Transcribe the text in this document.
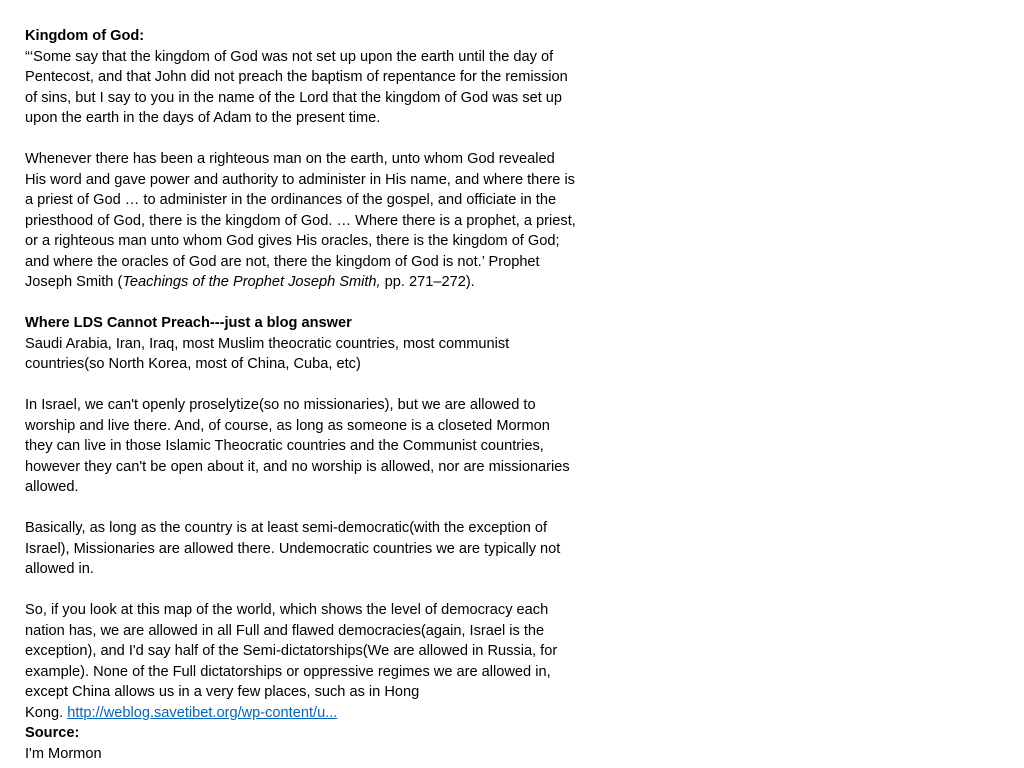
Kingdom of God:
“‘Some say that the kingdom of God was not set up upon the earth until the day of
Pentecost, and that John did not preach the baptism of repentance for the remission
of sins, but I say to you in the name of the Lord that the kingdom of God was set up
upon the earth in the days of Adam to the present time.
Whenever there has been a righteous man on the earth, unto whom God revealed
His word and gave power and authority to administer in His name, and where there is
a priest of God … to administer in the ordinances of the gospel, and officiate in the
priesthood of God, there is the kingdom of God. … Where there is a prophet, a priest,
or a righteous man unto whom God gives His oracles, there is the kingdom of God;
and where the oracles of God are not, there the kingdom of God is not.’ Prophet
Joseph Smith (Teachings of the Prophet Joseph Smith, pp. 271–272).
Where LDS Cannot Preach---just a blog answer
Saudi Arabia, Iran, Iraq, most Muslim theocratic countries, most communist
countries(so North Korea, most of China, Cuba, etc)
In Israel, we can't openly proselytize(so no missionaries), but we are allowed to
worship and live there. And, of course, as long as someone is a closeted Mormon
they can live in those Islamic Theocratic countries and the Communist countries,
however they can't be open about it, and no worship is allowed, nor are missionaries
allowed.
Basically, as long as the country is at least semi-democratic(with the exception of
Israel), Missionaries are allowed there. Undemocratic countries we are typically not
allowed in.
So, if you look at this map of the world, which shows the level of democracy each
nation has, we are allowed in all Full and flawed democracies(again, Israel is the
exception), and I'd say half of the Semi-dictatorships(We are allowed in Russia, for
example). None of the Full dictatorships or oppressive regimes we are allowed in,
except China allows us in a very few places, such as in Hong
Kong. http://weblog.savetibet.org/wp-content/u...
Source:
I'm Mormon
